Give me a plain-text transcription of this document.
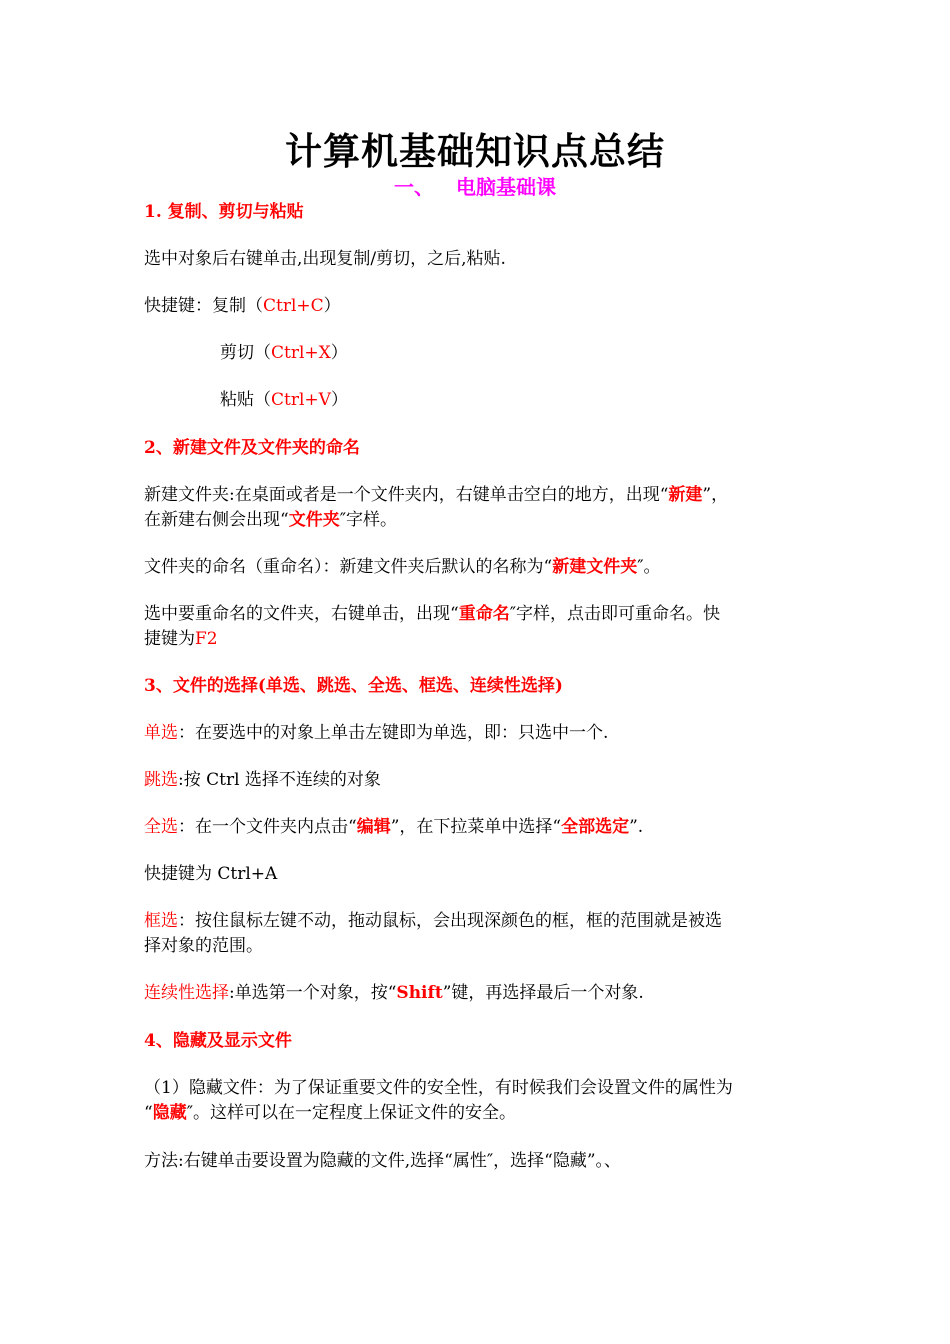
计算机基础知识点总结
一、 电脑基础课
1. 复制、剪切与粘贴
选中对象后右键单击,出现复制/剪切，之后,粘贴.
快捷键：复制（Ctrl+C）
剪切（Ctrl+X）
粘贴（Ctrl+V）
2、新建文件及文件夹的命名
新建文件夹:在桌面或者是一个文件夹内，右键单击空白的地方，出现“新建”，
在新建右侧会出现“文件夹″字样。
文件夹的命名（重命名）：新建文件夹后默认的名称为“新建文件夹″。
选中要重命名的文件夹，右键单击，出现“重命名″字样，点击即可重命名。快
捷键为F2
3、文件的选择(单选、跳选、全选、框选、连续性选择)
单选：在要选中的对象上单击左键即为单选，即：只选中一个.
跳选:按 Ctrl 选择不连续的对象
全选：在一个文件夹内点击“编辑”，在下拉菜单中选择“全部选定”.
快捷键为 Ctrl+A
框选：按住鼠标左键不动，拖动鼠标，会出现深颜色的框，框的范围就是被选
择对象的范围。
连续性选择:单选第一个对象，按“Shift”键，再选择最后一个对象.
4、隐藏及显示文件
（1）隐藏文件：为了保证重要文件的安全性，有时候我们会设置文件的属性为
“隐藏″。这样可以在一定程度上保证文件的安全。
方法:右键单击要设置为隐藏的文件,选择“属性″，选择“隐藏”。、
